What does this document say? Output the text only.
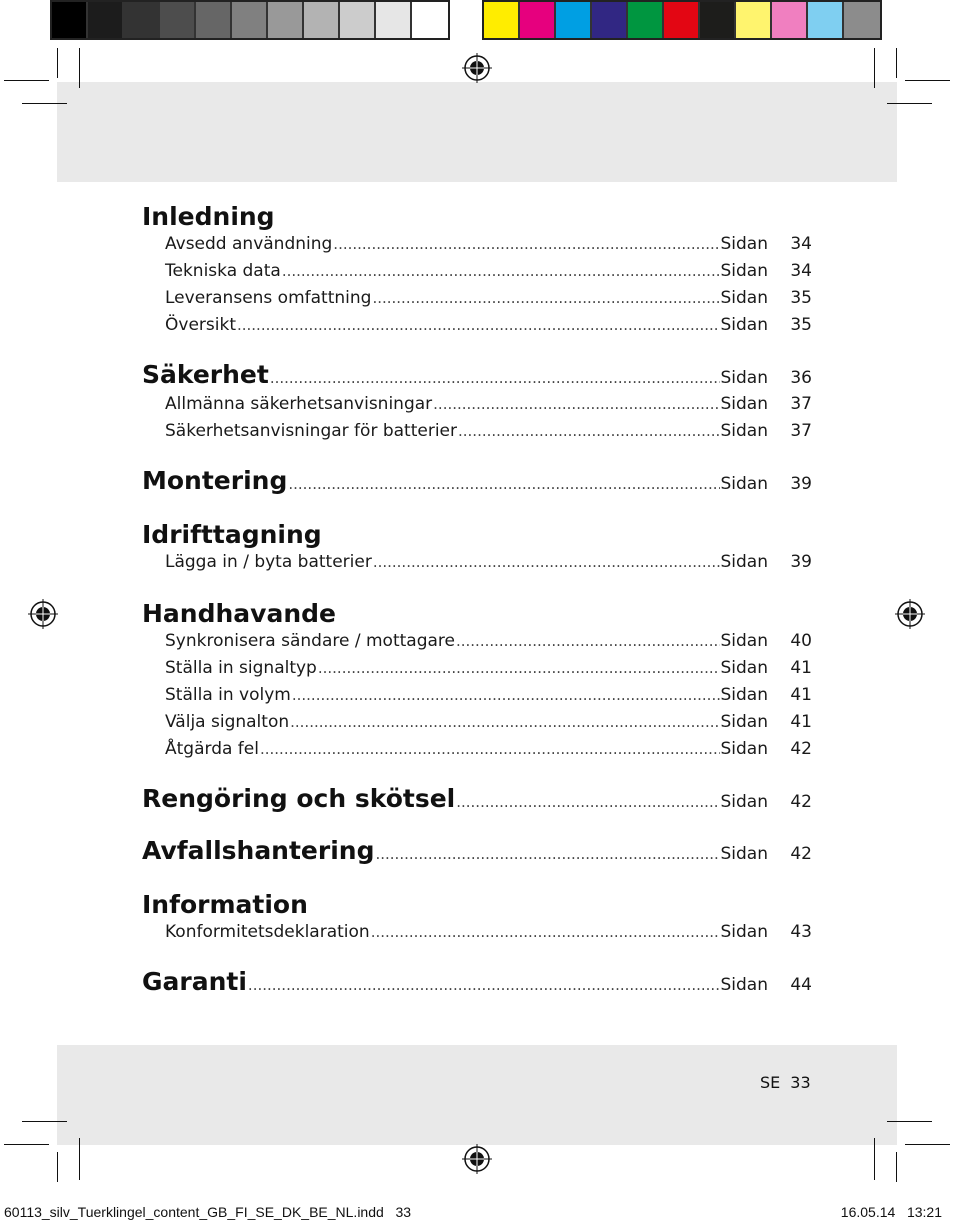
Inledning
Avsedd användning .....	Sidan	34
Tekniska data .....	Sidan	34
Leveransens omfattning .....	Sidan	35
Översikt .....	Sidan	35
Säkerhet .....	Sidan	36
Allmänna säkerhetsanvisningar .....	Sidan	37
Säkerhetsanvisningar för batterier .....	Sidan	37
Montering .....	Sidan	39
Idrifttagning
Lägga in / byta batterier .....	Sidan	39
Handhavande
Synkronisera sändare / mottagare .....	Sidan	40
Ställa in signaltyp .....	Sidan	41
Ställa in volym .....	Sidan	41
Välja signalton .....	Sidan	41
Åtgärda fel .....	Sidan	42
Rengöring och skötsel .....	Sidan	42
Avfallshantering .....	Sidan	42
Information
Konformitetsdeklaration .....	Sidan	43
Garanti .....	Sidan	44
SE 33
60113_silv_Tuerklingel_content_GB_FI_SE_DK_BE_NL.indd   33	16.05.14   13:21
